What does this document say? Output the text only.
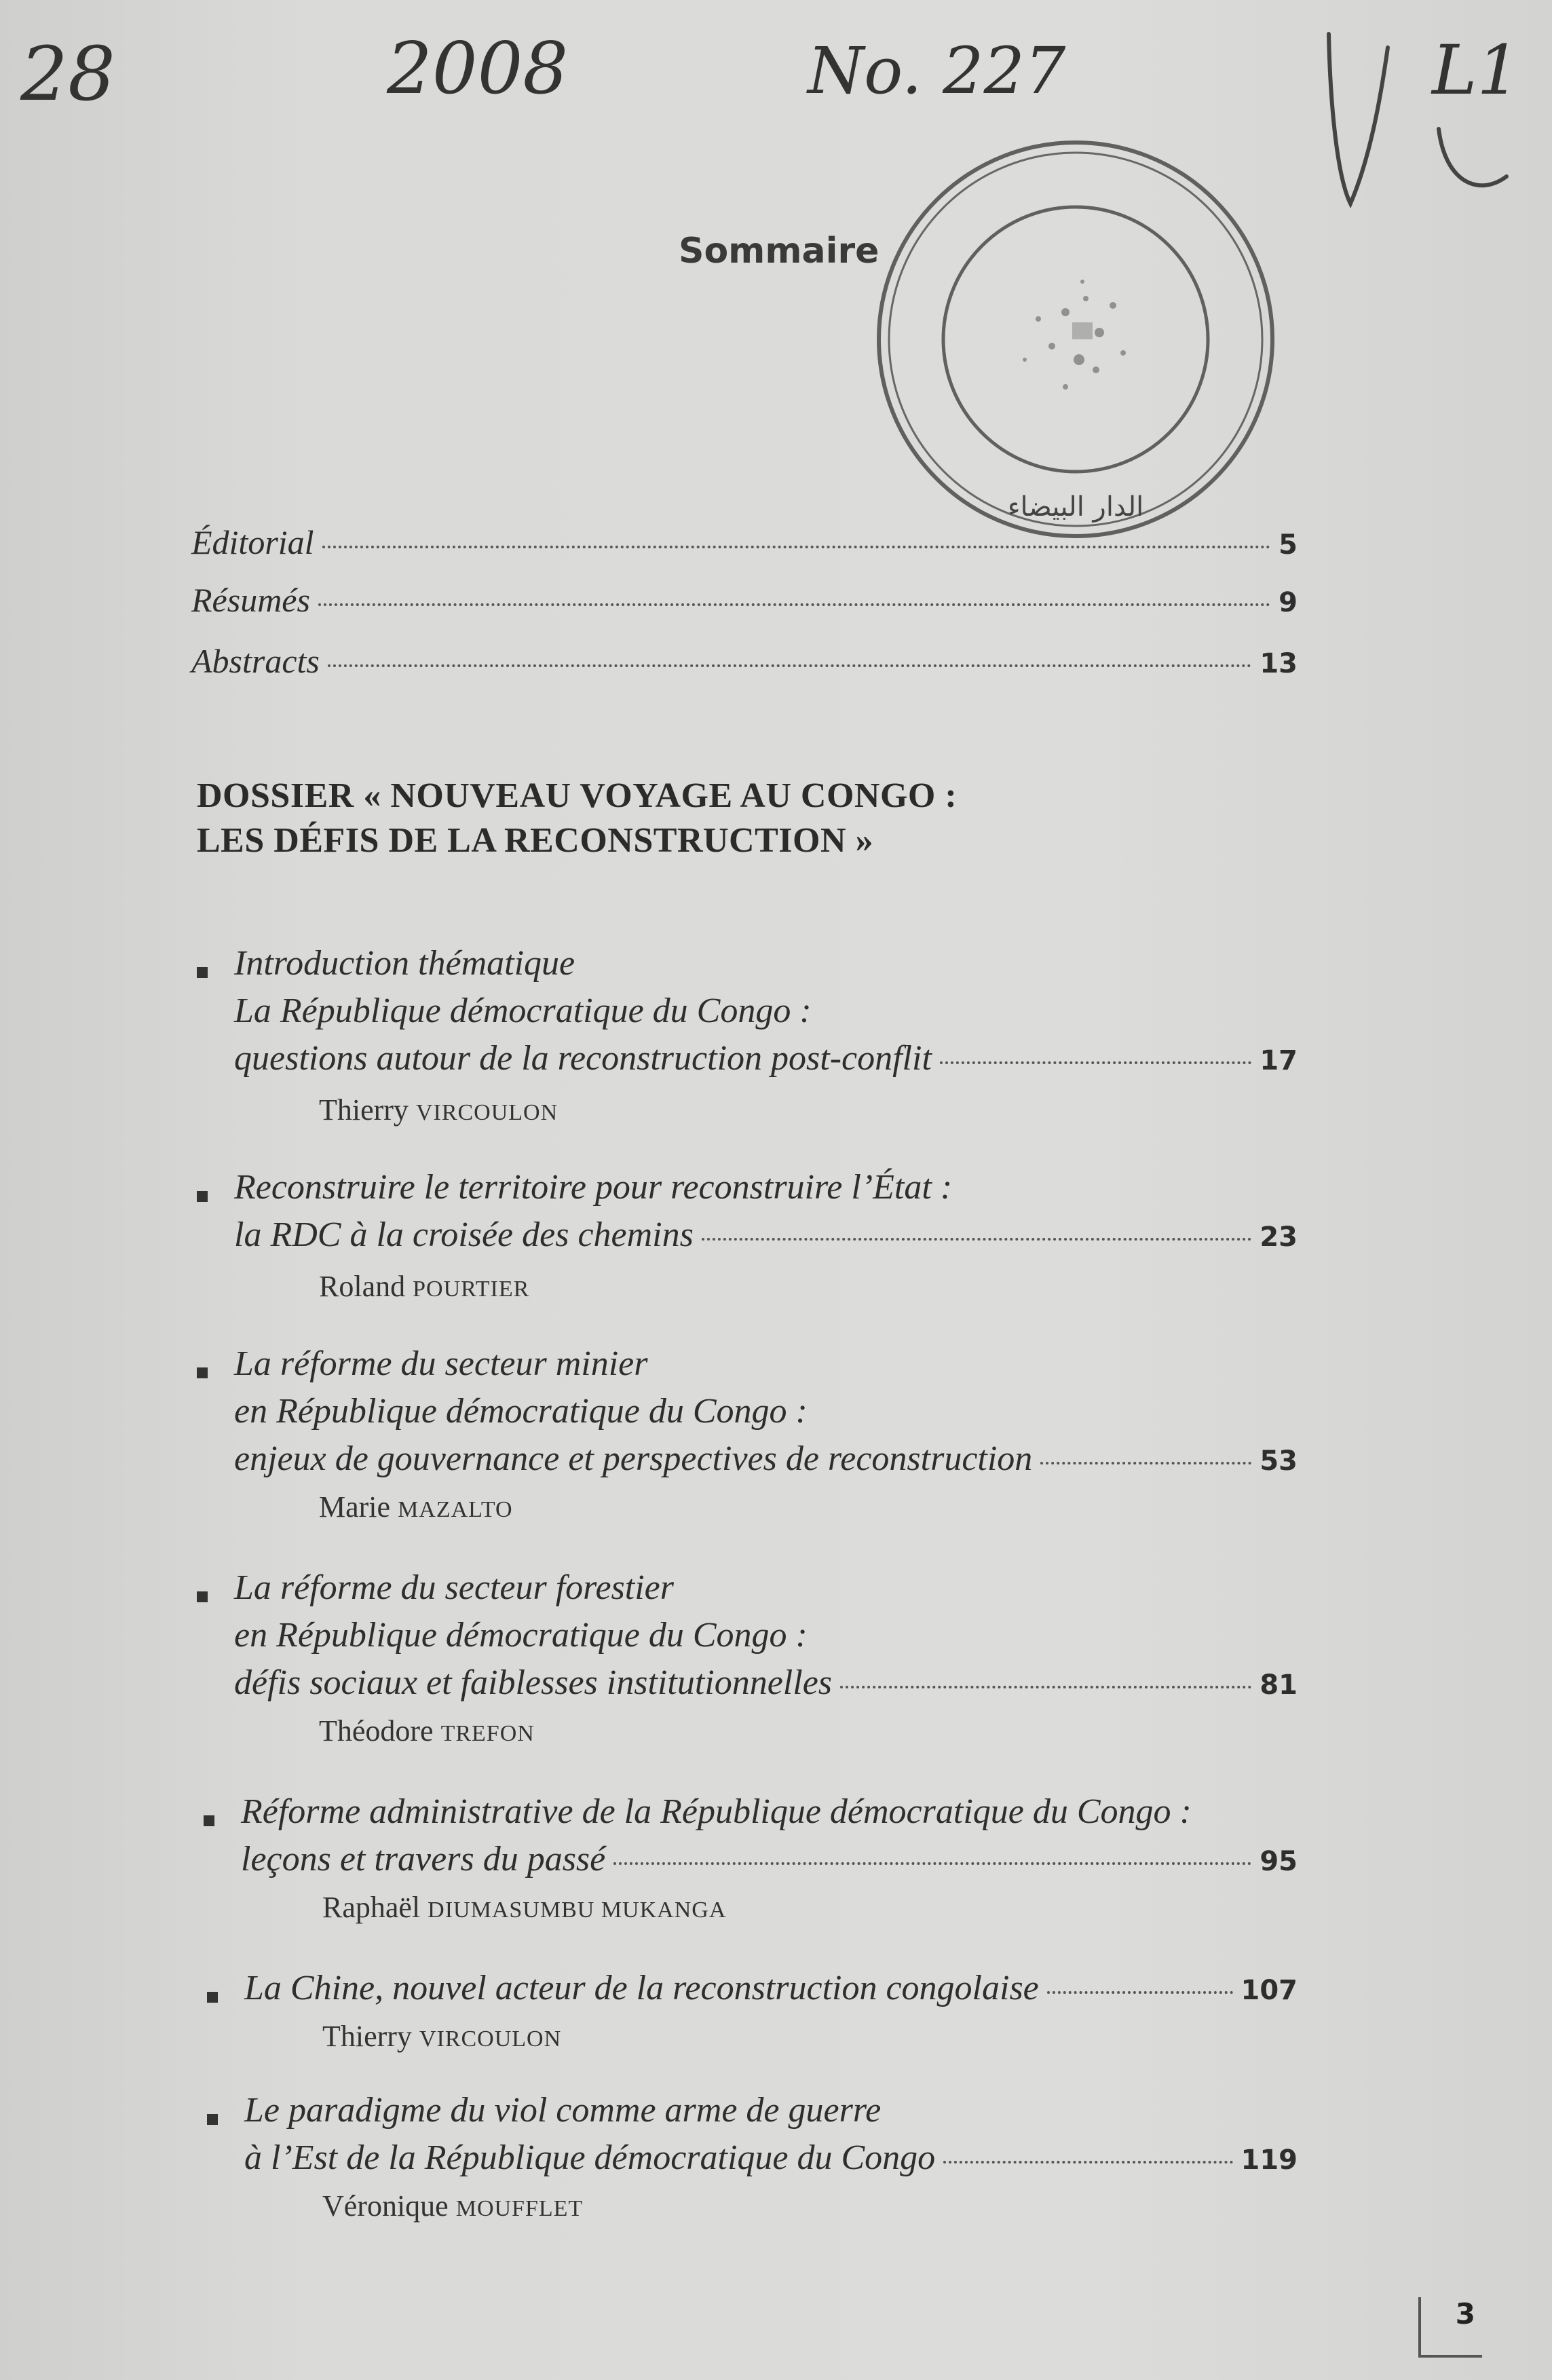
28	2008	No. 227	L1
الدار البيضاء
Sommaire
Éditorial	5
Résumés	9
Abstracts	13
DOSSIER « NOUVEAU VOYAGE AU CONGO :
LES DÉFIS DE LA RECONSTRUCTION »
Introduction thématique
La République démocratique du Congo :
questions autour de la reconstruction post-conflit	17
Thierry VIRCOULON
Reconstruire le territoire pour reconstruire l’État :
la RDC à la croisée des chemins	23
Roland POURTIER
La réforme du secteur minier
en République démocratique du Congo :
enjeux de gouvernance et perspectives de reconstruction	53
Marie MAZALTO
La réforme du secteur forestier
en République démocratique du Congo :
défis sociaux et faiblesses institutionnelles	81
Théodore TREFON
Réforme administrative de la République démocratique du Congo :
leçons et travers du passé	95
Raphaël DIUMASUMBU MUKANGA
La Chine, nouvel acteur de la reconstruction congolaise	107
Thierry VIRCOULON
Le paradigme du viol comme arme de guerre
à l’Est de la République démocratique du Congo	119
Véronique MOUFFLET
3
